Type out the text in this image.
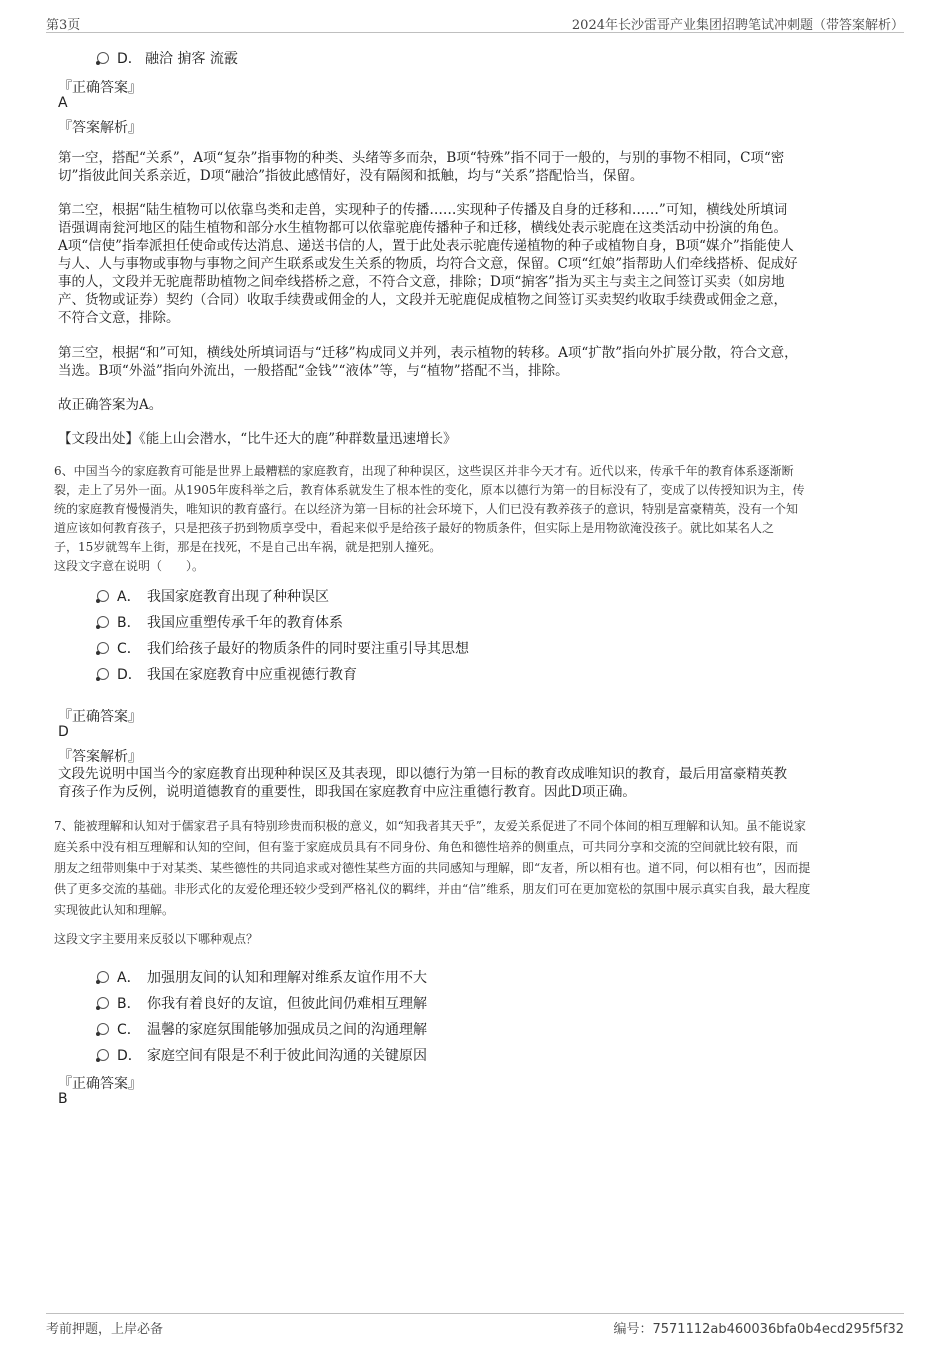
第3页	2024年长沙雷哥产业集团招聘笔试冲刺题（带答案解析）
D． 融洽 掮客 流霰
『正确答案』
A
『答案解析』
第一空，搭配“关系”，A项“复杂”指事物的种类、头绪等多而杂，B项“特殊”指不同于一般的，与别的事物不相同，C项“密
切”指彼此间关系亲近，D项“融洽”指彼此感情好，没有隔阂和抵触，均与“关系”搭配恰当，保留。
第二空，根据“陆生植物可以依靠鸟类和走兽，实现种子的传播……实现种子传播及自身的迁移和……”可知，横线处所填词
语强调南瓮河地区的陆生植物和部分水生植物都可以依靠驼鹿传播种子和迁移，横线处表示驼鹿在这类活动中扮演的角色。
A项“信使”指奉派担任使命或传达消息、递送书信的人，置于此处表示驼鹿传递植物的种子或植物自身，B项“媒介”指能使人
与人、人与事物或事物与事物之间产生联系或发生关系的物质，均符合文意，保留。C项“红娘”指帮助人们牵线搭桥、促成好
事的人，文段并无驼鹿帮助植物之间牵线搭桥之意，不符合文意，排除；D项“掮客”指为买主与卖主之间签订买卖（如房地
产、货物或证券）契约（合同）收取手续费或佣金的人，文段并无驼鹿促成植物之间签订买卖契约收取手续费或佣金之意，
不符合文意，排除。
第三空，根据“和”可知，横线处所填词语与“迁移”构成同义并列，表示植物的转移。A项“扩散”指向外扩展分散，符合文意，
当选。B项“外溢”指向外流出，一般搭配“金钱”“液体”等，与“植物”搭配不当，排除。
故正确答案为A。
【文段出处】《能上山会潜水，“比牛还大的鹿”种群数量迅速增长》
6、中国当今的家庭教育可能是世界上最糟糕的家庭教育，出现了种种误区，这些误区并非今天才有。近代以来，传承千年的教育体系逐渐断
裂，走上了另外一面。从1905年废科举之后，教育体系就发生了根本性的变化，原本以德行为第一的目标没有了，变成了以传授知识为主，传
统的家庭教育慢慢消失，唯知识的教育盛行。在以经济为第一目标的社会环境下，人们已没有教养孩子的意识，特别是富豪精英，没有一个知
道应该如何教育孩子，只是把孩子扔到物质享受中，看起来似乎是给孩子最好的物质条件，但实际上是用物欲淹没孩子。就比如某名人之
子，15岁就驾车上街，那是在找死，不是自己出车祸，就是把别人撞死。
这段文字意在说明（　　）。
A． 我国家庭教育出现了种种误区
B． 我国应重塑传承千年的教育体系
C． 我们给孩子最好的物质条件的同时要注重引导其思想
D． 我国在家庭教育中应重视德行教育
『正确答案』
D
『答案解析』
文段先说明中国当今的家庭教育出现种种误区及其表现，即以德行为第一目标的教育改成唯知识的教育，最后用富豪精英教
育孩子作为反例，说明道德教育的重要性，即我国在家庭教育中应注重德行教育。因此D项正确。
7、能被理解和认知对于儒家君子具有特别珍贵而积极的意义，如“知我者其天乎”，友爱关系促进了不同个体间的相互理解和认知。虽不能说家
庭关系中没有相互理解和认知的空间，但有鉴于家庭成员具有不同身份、角色和德性培养的侧重点，可共同分享和交流的空间就比较有限，而
朋友之纽带则集中于对某类、某些德性的共同追求或对德性某些方面的共同感知与理解，即“友者，所以相有也。道不同，何以相有也”，因而提
供了更多交流的基础。非形式化的友爱伦理还较少受到严格礼仪的羁绊，并由“信”维系，朋友们可在更加宽松的氛围中展示真实自我，最大程度
实现彼此认知和理解。
这段文字主要用来反驳以下哪种观点？
A． 加强朋友间的认知和理解对维系友谊作用不大
B． 你我有着良好的友谊，但彼此间仍难相互理解
C． 温馨的家庭氛围能够加强成员之间的沟通理解
D． 家庭空间有限是不利于彼此间沟通的关键原因
『正确答案』
B
考前押题，上岸必备	编号：7571112ab460036bfa0b4ecd295f5f32
